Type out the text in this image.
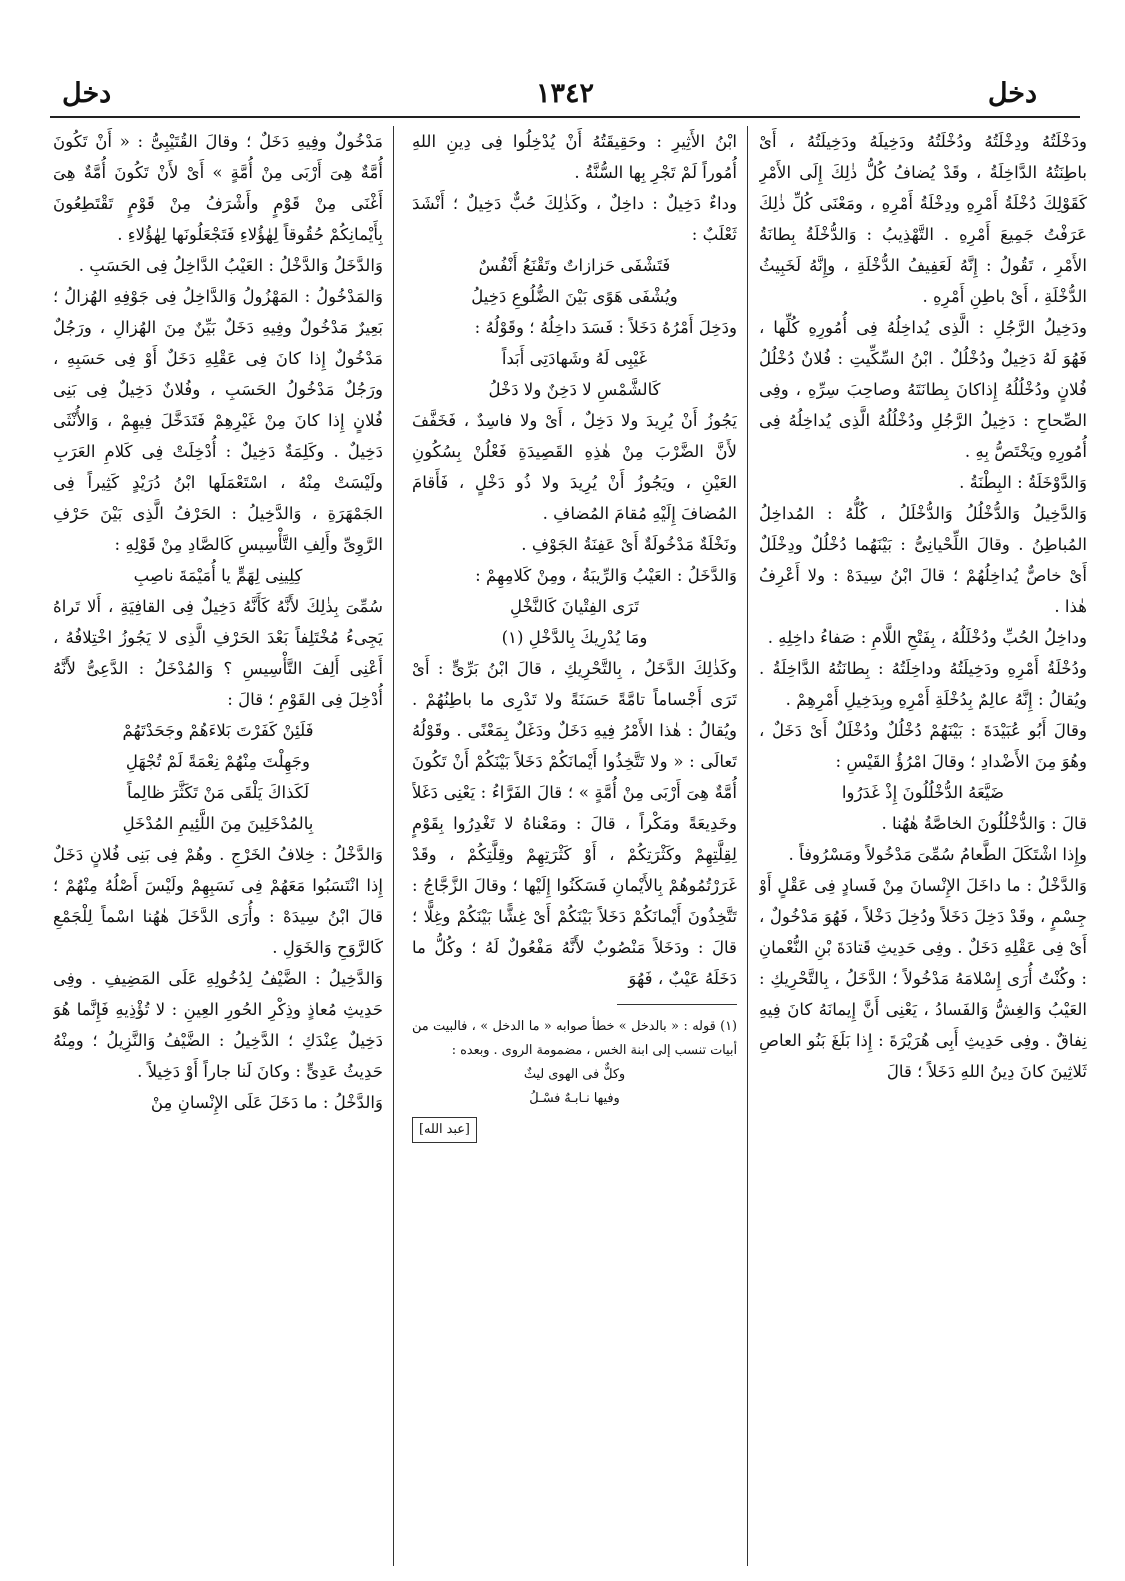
دخل
١٣٤٢
دخل

ودَخْلَتُهُ ودِخْلَتُهُ ودُخْلَتُهُ ودَخِيلَهُ ودَخِيلَتُهُ ، أَىْ باطِنَتُهُ الدَّاخِلَةُ ، وقَدْ يُضافُ كُلُّ ذٰلِكَ إِلَى الأَمْرِ كَقَوْلِكَ دُخْلَةُ أَمْرِهِ ودِخْلَةُ أَمْرِهِ ، ومَعْنَى كُلِّ ذٰلِكَ عَرَفْتُ جَمِيعَ أَمْرِهِ . التَّهْذِيبُ : وَالدُّخْلَةُ بِطانَةُ الأَمْرِ ، تَقُولُ : إِنَّهُ لَعَفِيفُ الدُّخْلَةِ ، وإِنَّهُ لَخَبِيثُ الدُّخْلَةِ ، أَىْ باطِنِ أَمْرِهِ .

ودَخِيلُ الرَّجُلِ : الَّذِى يُداخِلُهُ فِى أُمُورِهِ كُلِّها ، فَهُوَ لَهُ دَخِيلٌ ودُخْلُلٌ . ابْنُ السِّكِّيتِ : فُلانٌ دُخْلُلُ فُلانٍ ودُخْلُلُهُ إِذاكانَ بِطانَتَهُ وصاحِبَ سِرِّهِ ، وفِى الصِّحاحِ : دَخِيلُ الرَّجُلِ ودُخْلُلُهُ الَّذِى يُداخِلُهُ فِى أُمُورِهِ ويَخْتَصُّ بِهِ .

وَالدَّوْخَلَةُ : البِطْنَةُ .

وَالدَّخِيلُ وَالدُّخْلُلُ وَالدُّخْلَلُ ، كُلُّهُ : المُداخِلُ المُباطِنُ . وقالَ اللِّحْيانِىُّ : بَيْنَهُما دُخْلُلٌ ودِخْلَلٌ أَىْ خاصٌّ يُداخِلُهُمْ ؛ قالَ ابْنُ سِيدَهْ : ولا أَعْرِفُ هٰذا .

وداخِلُ الحُبِّ ودُخْلَلُهُ ، بِفَتْحِ اللَّامِ : صَفاءُ داخِلِهِ .

ودُخْلَةُ أَمْرِهِ ودَخِيلَتُهُ وداخِلَتُهُ : بِطانَتُهُ الدَّاخِلَةُ . ويُقالُ : إِنَّهُ عالِمٌ بِدُخْلَةِ أَمْرِهِ وبِدَخِيلِ أَمْرِهِمْ .

وقالَ أَبُو عُبَيْدَةَ : بَيْنَهُمْ دُخْلُلٌ ودُخْلَلٌ أَىْ دَخَلٌ ، وهُوَ مِنَ الأَضْدادِ ؛ وقالَ امْرُؤُ القَيْسِ :

ضَيَّعَهُ الدُّخْلُلُونَ إِذْ غَدَرُوا

قالَ : وَالدُّخْلُلُونَ الخاصَّةُ هٰهُنا .

وإِذا اشْتَكَلَ الطَّعامُ سُمِّىَ مَدْخُولاً ومَسْرُوفاً .

وَالدَّخْلُ : ما داخَلَ الإِنْسانَ مِنْ فَسادٍ فِى عَقْلٍ أَوْ جِسْمٍ ، وقَدْ دَخِلَ دَخَلاً ودُخِلَ دَخْلاً ، فَهُوَ مَدْخُولٌ ، أَىْ فِى عَقْلِهِ دَخَلٌ . وفِى حَدِيثِ قَتادَةَ بْنِ النُّعْمانِ : وكُنْتُ أُرَى إِسْلامَهُ مَدْخُولاً ؛ الدَّخَلُ ، بِالتَّحْرِيكِ : العَيْبُ وَالغِشُّ وَالفَسادُ ، يَعْنِى أَنَّ إِيمانَهُ كانَ فِيهِ نِفاقٌ . وفِى حَدِيثِ أَبِى هُرَيْرَةَ : إِذا بَلَغَ بَنُو العاصِ ثَلاثِينَ كانَ دِينُ اللهِ دَخَلاً ؛ قالَ

ابْنُ الأَثِيرِ : وحَقِيقَتُهُ أَنْ يُدْخِلُوا فِى دِينِ اللهِ أُمُوراً لَمْ تَجْرِ بِها السُّنَّةُ .

وداءٌ دَخِيلٌ : داخِلٌ ، وكَذٰلِكَ حُبٌّ دَخِيلٌ ؛ أَنْشَدَ ثَعْلَبٌ :

فَتَشْفَى حَزازاتٌ وتَقْنَعُ أَنْفُسٌ

ويُشْفَى هَوًى بَيْنَ الضُّلُوعِ دَخِيلُ

ودَخِلَ أَمْرُهُ دَخَلاً : فَسَدَ داخِلُهُ ؛ وقَوْلُهُ :

غَيْبِى لَهُ وشَهادَتِى أَبَداً

كَالشَّمْسِ لا دَخِنٌ ولا دَخْلُ

يَجُوزُ أَنْ يُرِيدَ ولا دَخِلٌ ، أَىْ ولا فاسِدٌ ، فَخَفَّفَ لأَنَّ الضَّرْبَ مِنْ هٰذِهِ القَصِيدَةِ فَعْلُنْ بِسُكُونِ العَيْنِ ، ويَجُوزُ أَنْ يُرِيدَ ولا ذُو دَخْلٍ ، فَأَقامَ المُضافَ إِلَيْهِ مُقامَ المُضافِ .

ونَخْلَةٌ مَدْخُولَةٌ أَىْ عَفِنَةُ الجَوْفِ .

وَالدَّخَلُ : العَيْبُ وَالرِّيبَةُ ، ومِنْ كَلامِهِمْ :

تَرَى الفِتْيانَ كَالنَّخْلِ

ومَا يُدْرِيكَ بِالدَّخْلِ (١)

وكَذٰلِكَ الدَّخَلُ ، بِالتَّحْرِيكِ ، قالَ ابْنُ بَرِّىٍّ : أَىْ تَرَى أَجْساماً تامَّةً حَسَنَةً ولا تَدْرِى ما باطِنُهُمْ . ويُقالُ : هٰذا الأَمْرُ فِيهِ دَخَلٌ ودَغَلٌ بِمَعْنًى . وقَوْلُهُ تَعالَى : « ولا تَتَّخِذُوا أَيْمانَكُمْ دَخَلاً بَيْنَكُمْ أَنْ تَكُونَ أُمَّةٌ هِىَ أَرْبَى مِنْ أُمَّةٍ » ؛ قالَ الفَرَّاءُ : يَعْنِى دَغَلاً وخَدِيعَةً ومَكْراً ، قالَ : ومَعْناهُ لا تَغْدِرُوا بِقَوْمٍ لِقِلَّتِهِمْ وكَثْرَتِكُمْ ، أَوْ كَثْرَتِهِمْ وقِلَّتِكُمْ ، وقَدْ غَرَرْتُمُوهُمْ بِالأَيْمانِ فَسَكَنُوا إِلَيْها ؛ وقالَ الزَّجَّاجُ : تَتَّخِذُونَ أَيْمانَكُمْ دَخَلاً بَيْنَكُمْ أَىْ غِشًّا بَيْنَكُمْ وغِلًّا ؛ قالَ : ودَخَلاً مَنْصُوبٌ لأَنَّهُ مَفْعُولٌ لَهُ ؛ وكُلُّ ما دَخَلَهُ عَيْبٌ ، فَهُوَ

(١) قوله : « بالدخل » خطأ صوابه « ما الدخل » ، فالبيت من أبيات تنسب إلى ابنة الخس ، مضمومة الروى . وبعده :

وكلٌّ فى الهوى ليثٌ

وفيها نـابـهٌ فسْـلُ

[عبد الله]

مَدْخُولٌ وفِيهِ دَخَلٌ ؛ وقالَ القُتَيْبِىُّ : « أَنْ تَكُونَ أُمَّةٌ هِىَ أَرْبَى مِنْ أُمَّةٍ » أَىْ لأَنْ تَكُونَ أُمَّةٌ هِىَ أَغْنَى مِنْ قَوْمٍ وأَشْرَفُ مِنْ قَوْمٍ تَقْتَطِعُونَ بِأَيْمانِكُمْ حُقُوقاً لِهٰؤُلاءِ فَتَجْعَلُونَها لِهٰؤُلاءِ .

وَالدَّخَلُ وَالدَّخْلُ : العَيْبُ الدَّاخِلُ فِى الحَسَبِ .

وَالمَدْخُولُ : المَهْزُولُ وَالدَّاخِلُ فِى جَوْفِهِ الهُزالُ ؛ بَعِيرٌ مَدْخُولٌ وفِيهِ دَخَلٌ بَيِّنٌ مِنَ الهُزالِ ، ورَجُلٌ مَدْخُولٌ إِذا كانَ فِى عَقْلِهِ دَخَلٌ أَوْ فِى حَسَبِهِ ، ورَجُلٌ مَدْخُولُ الحَسَبِ ، وفُلانٌ دَخِيلٌ فِى بَنِى فُلانٍ إِذا كانَ مِنْ غَيْرِهِمْ فَتَدَخَّلَ فِيهِمْ ، وَالأُنْثَى دَخِيلٌ . وكَلِمَةٌ دَخِيلٌ : أُدْخِلَتْ فِى كَلامِ العَرَبِ ولَيْسَتْ مِنْهُ ، اسْتَعْمَلَها ابْنُ دُرَيْدٍ كَثِيراً فِى الجَمْهَرَةِ ، وَالدَّخِيلُ : الحَرْفُ الَّذِى بَيْنَ حَرْفِ الرَّوِىِّ وأَلِفِ التَّأْسِيسِ كَالصَّادِ مِنْ قَوْلِهِ :

كِلِينِى لِهَمٍّ يا أُمَيْمَةَ ناصِبِ

سُمِّىَ بِذٰلِكَ لأَنَّهُ كَأَنَّهُ دَخِيلٌ فِى القافِيَةِ ، أَلا تَراهُ يَجِىءُ مُخْتَلِفاً بَعْدَ الحَرْفِ الَّذِى لا يَجُوزُ اخْتِلافُهُ ، أَعْنِى أَلِفَ التَّأْسِيسِ ؟ وَالمُدْخَلُ : الدَّعِىُّ لأَنَّهُ أُدْخِلَ فِى القَوْمِ ؛ قالَ :

فَلَئِنْ كَفَرْتَ بَلاءَهُمْ وجَحَدْتَهُمْ

وجَهِلْتَ مِنْهُمْ نِعْمَةً لَمْ تُجْهَلِ

لَكَذاكَ يَلْقَى مَنْ تَكَثَّرَ ظالِماً

بِالمُدْخَلِينَ مِنَ اللَّئِيمِ المُدْخَلِ

وَالدَّخْلُ : خِلافُ الخَرْجِ . وهُمْ فِى بَنِى فُلانٍ دَخَلٌ إِذا انْتَسَبُوا مَعَهُمْ فِى نَسَبِهِمْ ولَيْسَ أَصْلُهُ مِنْهُمْ ؛ قالَ ابْنُ سِيدَهْ : وأُرَى الدَّخَلَ هٰهُنا اسْماً لِلْجَمْعِ كَالرَّوَحِ وَالخَوَلِ .

وَالدَّخِيلُ : الضَّيْفُ لِدُخُولِهِ عَلَى المَضِيفِ . وفِى حَدِيثِ مُعاذٍ وذِكْرِ الحُورِ العِينِ : لا تُؤْذِيهِ فَإِنَّما هُوَ دَخِيلٌ عِنْدَكِ ؛ الدَّخِيلُ : الضَّيْفُ وَالنَّزِيلُ ؛ ومِنْهُ حَدِيثُ عَدِىٍّ : وكانَ لَنا جاراً أَوْ دَخِيلاً .

وَالدَّخْلُ : ما دَخَلَ عَلَى الإِنْسانِ مِنْ
